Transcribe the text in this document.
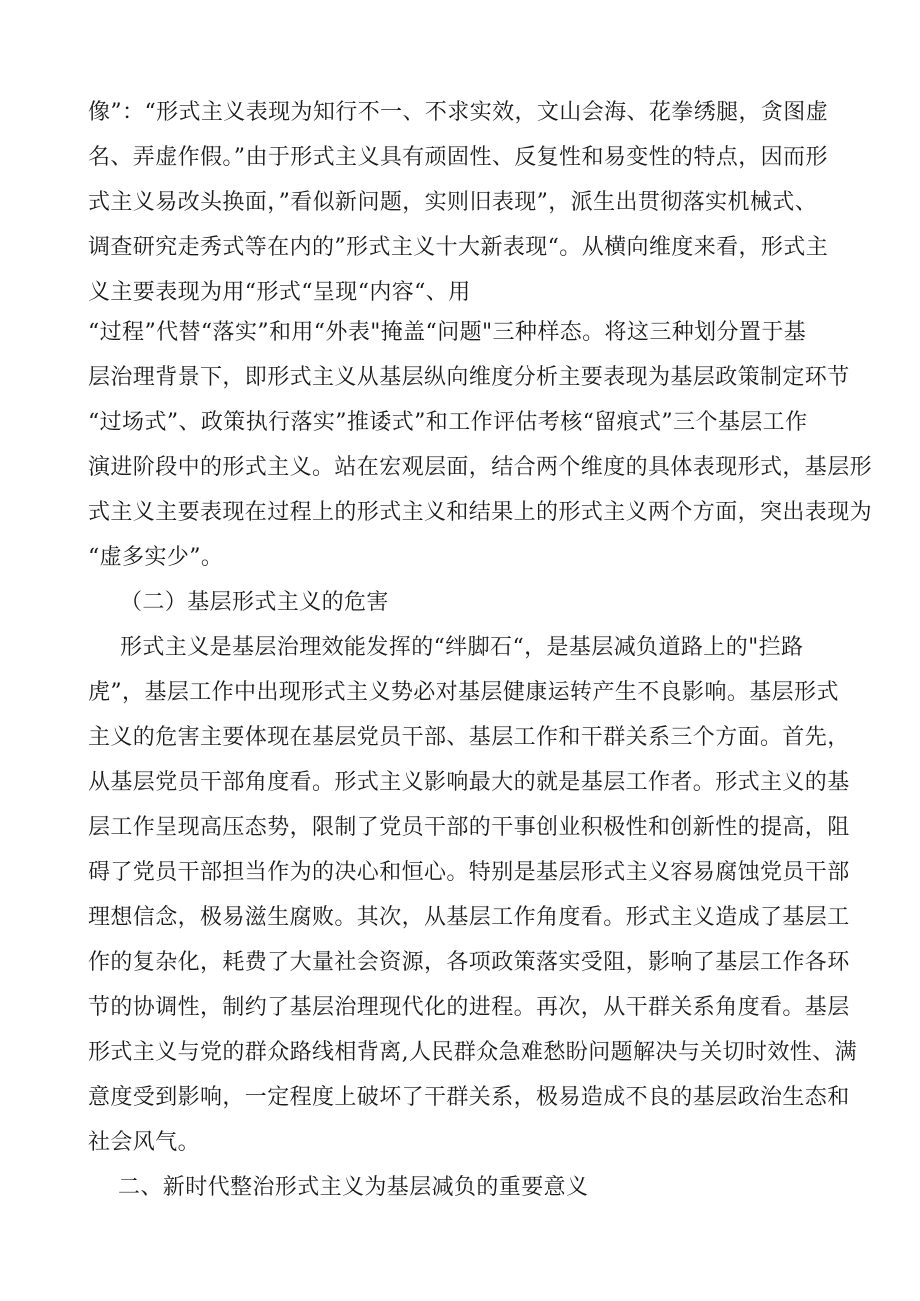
像”：“形式主义表现为知行不一、不求实效，文山会海、花拳绣腿，贪图虚
名、弄虚作假。”由于形式主义具有顽固性、反复性和易变性的特点，因而形
式主义易改头换面，”看似新问题，实则旧表现”，派生出贯彻落实机械式、
调查研究走秀式等在内的”形式主义十大新表现“。从横向维度来看，形式主
义主要表现为用“形式“呈现“内容“、用
“过程”代替“落实”和用“外表"掩盖“问题"三种样态。将这三种划分置于基
层治理背景下，即形式主义从基层纵向维度分析主要表现为基层政策制定环节
“过场式”、政策执行落实”推诿式”和工作评估考核“留痕式”三个基层工作
演进阶段中的形式主义。站在宏观层面，结合两个维度的具体表现形式，基层形
式主义主要表现在过程上的形式主义和结果上的形式主义两个方面，突出表现为
“虚多实少”。
（二）基层形式主义的危害
形式主义是基层治理效能发挥的“绊脚石“，是基层减负道路上的"拦路
虎”，基层工作中出现形式主义势必对基层健康运转产生不良影响。基层形式
主义的危害主要体现在基层党员干部、基层工作和干群关系三个方面。首先，
从基层党员干部角度看。形式主义影响最大的就是基层工作者。形式主义的基
层工作呈现高压态势，限制了党员干部的干事创业积极性和创新性的提高，阻
碍了党员干部担当作为的决心和恒心。特别是基层形式主义容易腐蚀党员干部
理想信念，极易滋生腐败。其次，从基层工作角度看。形式主义造成了基层工
作的复杂化，耗费了大量社会资源，各项政策落实受阻，影响了基层工作各环
节的协调性，制约了基层治理现代化的进程。再次，从干群关系角度看。基层
形式主义与党的群众路线相背离,人民群众急难愁盼问题解决与关切时效性、满
意度受到影响，一定程度上破坏了干群关系，极易造成不良的基层政治生态和
社会风气。
二、新时代整治形式主义为基层减负的重要意义
